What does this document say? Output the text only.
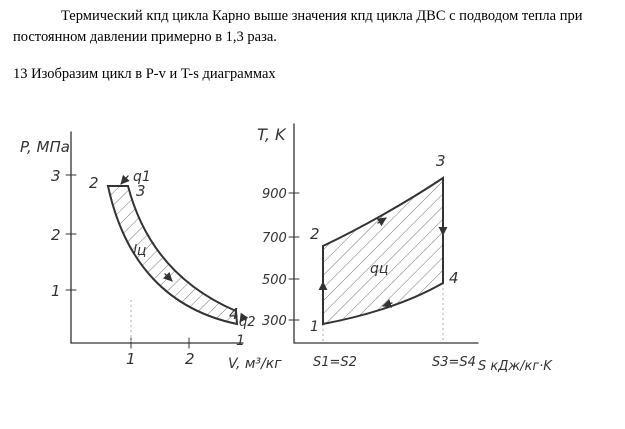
Термический кпд цикла Карно выше значения кпд цикла ДВС с подводом тепла при постоянном давлении примерно в 1,3 раза.

13 Изобразим цикл в P-v и T-s диаграммах

P, МПа
V, м³/кг
1
2
3
1	2
2 3
4
1
q1
q2
lц
T, K
S кДж/кг·K
300
500
700
900
S1=S2	S3=S4
1
2
3
4
qц
